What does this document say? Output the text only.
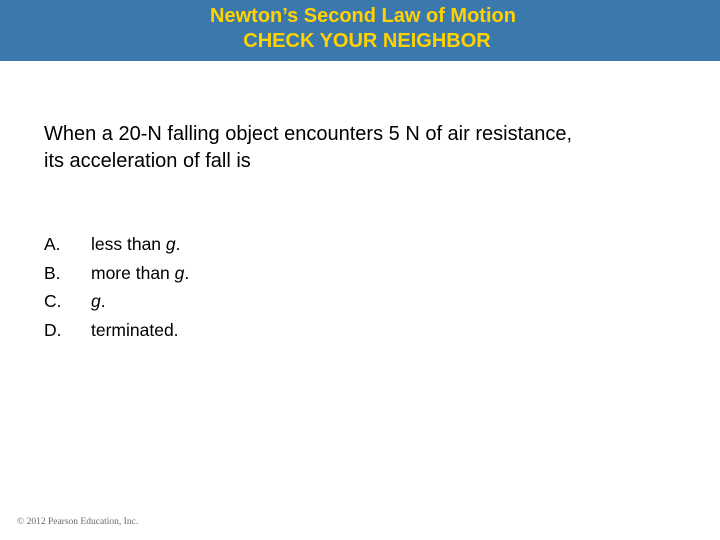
Newton’s Second Law of Motion
CHECK YOUR NEIGHBOR

When a 20-N falling object encounters 5 N of air resistance,
its acceleration of fall is

A. less than g.
B. more than g.
C. g.
D. terminated.

© 2012 Pearson Education, Inc.
